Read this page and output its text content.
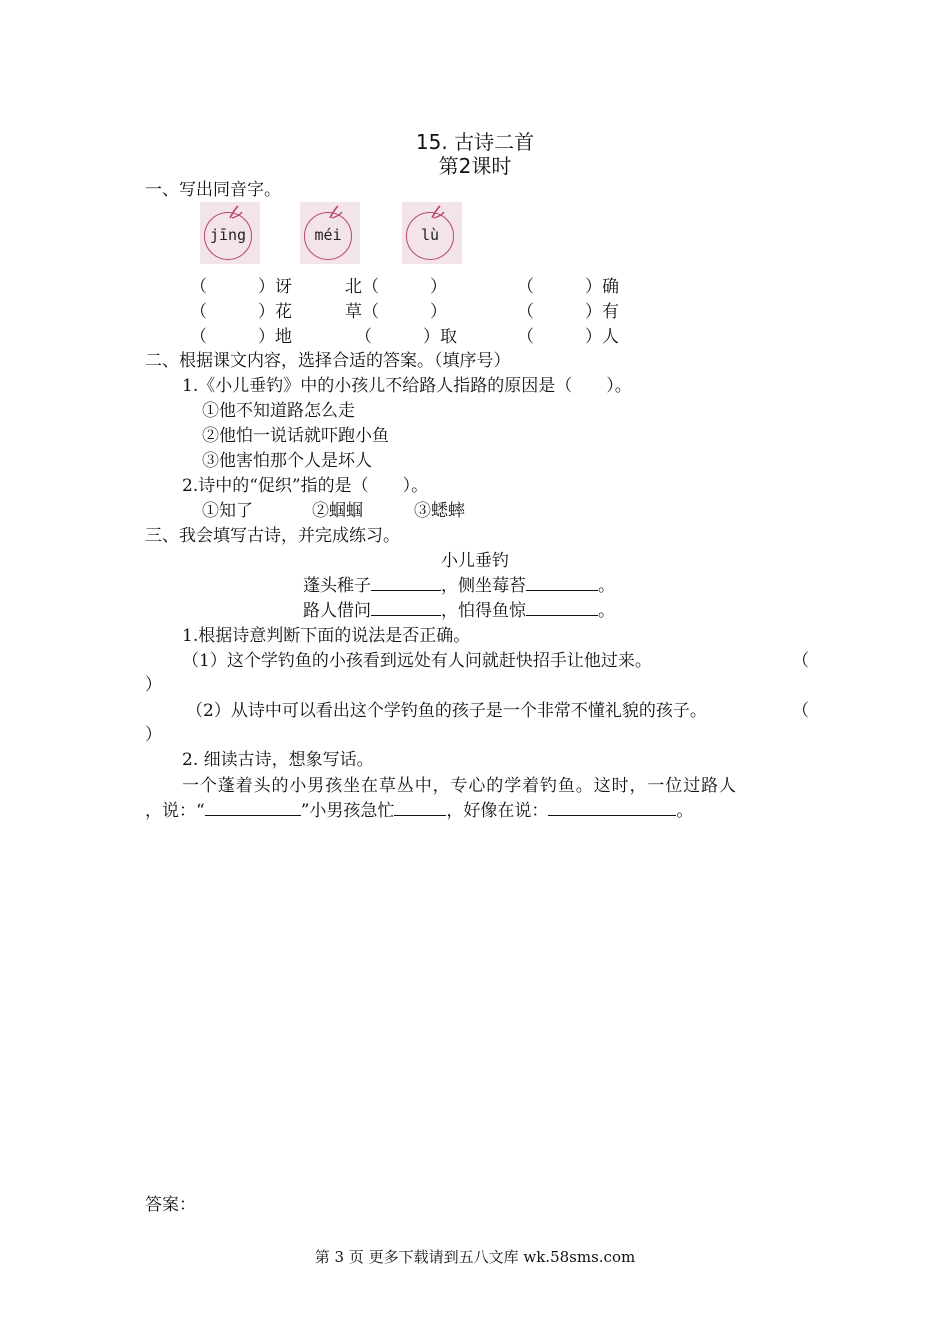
15. 古诗二首
第2课时
一、写出同音字。
jīng	méi	lù
（　　　）讶	北（　　　）	（　　　）确
（　　　）花	草（　　　）	（　　　）有
（　　　）地	（　　　）取	（　　　）人
二、根据课文内容，选择合适的答案。（填序号）
1.《小儿垂钓》中的小孩儿不给路人指路的原因是（　　）。
①他不知道路怎么走
②他怕一说话就吓跑小鱼
③他害怕那个人是坏人
2.诗中的“促织”指的是（　　）。
①知了	②蝈蝈	③蟋蟀
三、我会填写古诗，并完成练习。
小儿垂钓
蓬头稚子	，侧坐莓苔	。
路人借问	，怕得鱼惊	。
1.根据诗意判断下面的说法是否正确。
（1）这个学钓鱼的小孩看到远处有人问就赶快招手让他过来。	（
）
（2）从诗中可以看出这个学钓鱼的孩子是一个非常不懂礼貌的孩子。	（
）
2. 细读古诗，想象写话。
一个蓬着头的小男孩坐在草丛中，专心的学着钓鱼。这时，一位过路人
，说：“	”小男孩急忙	，好像在说：	。
答案：
第 3 页 更多下载请到五八文库 wk.58sms.com
